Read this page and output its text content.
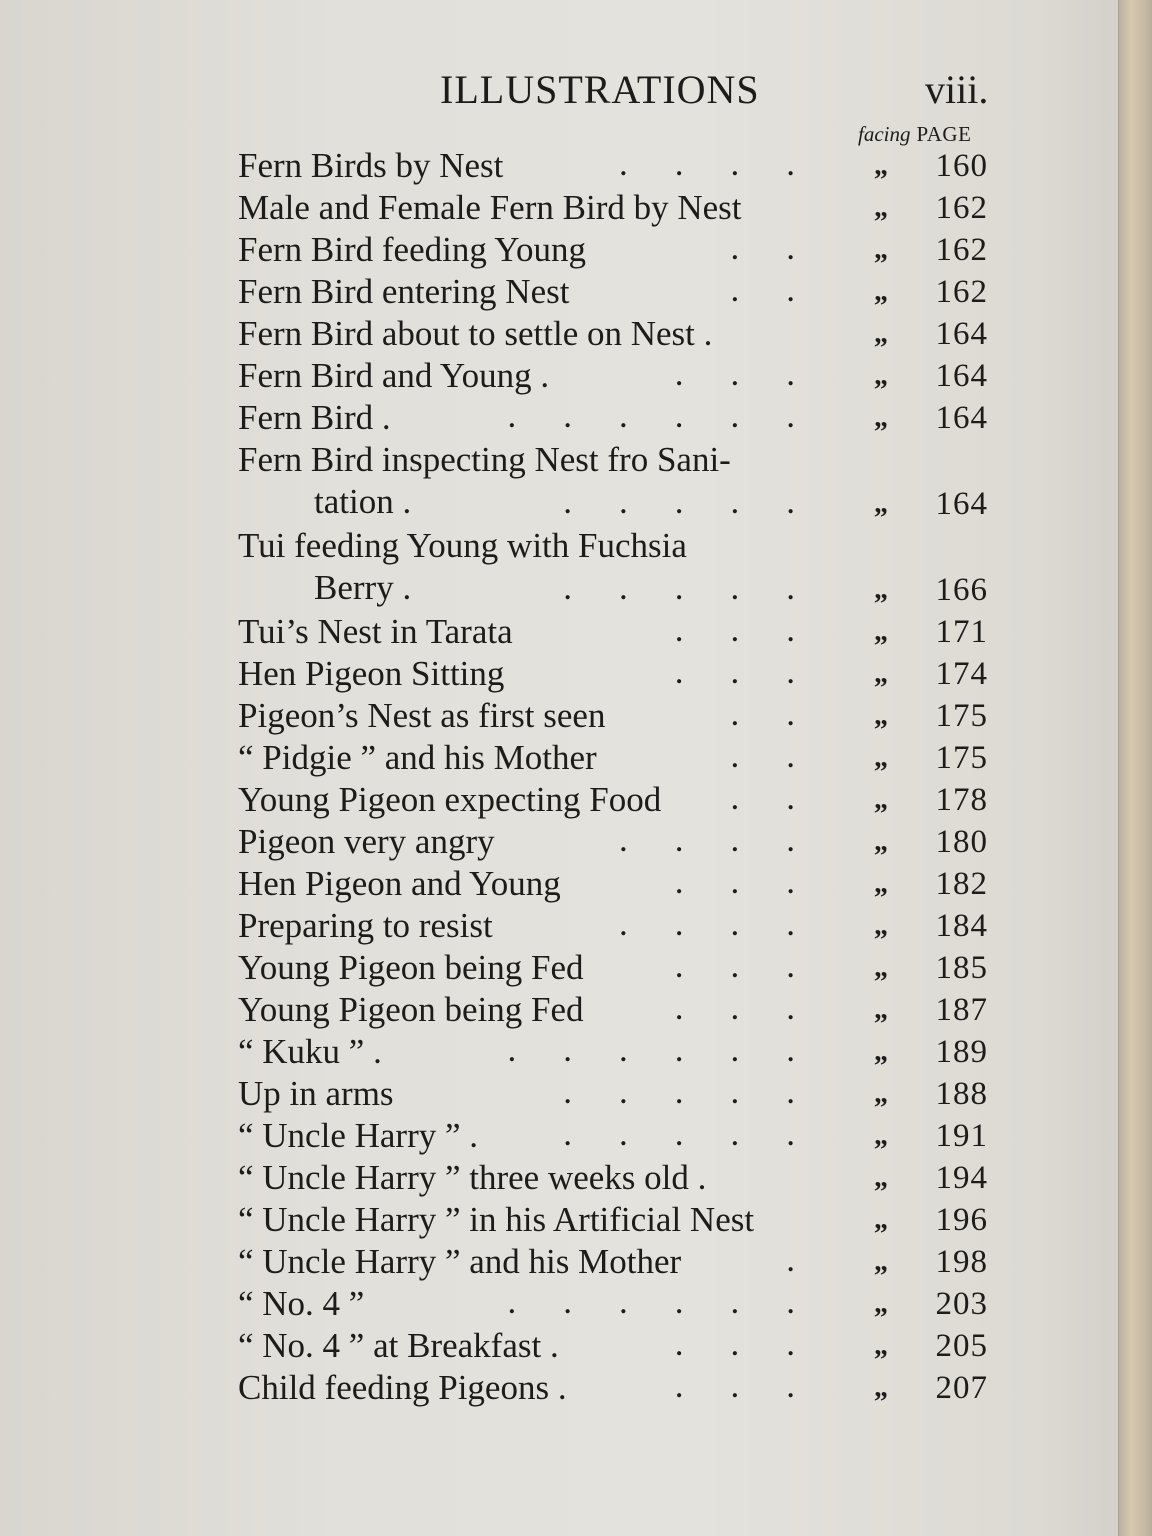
ILLUSTRATIONS	viii.
facing PAGE
Fern Birds by Nest	.... „ 160
Male and Female Fern Bird by Nest	„ 162
Fern Bird feeding Young	.. „ 162
Fern Bird entering Nest	.. „ 162
Fern Bird about to settle on Nest .	„ 164
Fern Bird and Young .	... „ 164
Fern Bird .	...... „ 164
Fern Bird inspecting Nest fro Sani-
tation .	..... „ 164
Tui feeding Young with Fuchsia
Berry .	..... „ 166
Tui’s Nest in Tarata	... „ 171
Hen Pigeon Sitting	... „ 174
Pigeon’s Nest as first seen	.. „ 175
“ Pidgie ” and his Mother	.. „ 175
Young Pigeon expecting Food	.. „ 178
Pigeon very angry	.... „ 180
Hen Pigeon and Young	... „ 182
Preparing to resist	.... „ 184
Young Pigeon being Fed	... „ 185
Young Pigeon being Fed	... „ 187
“ Kuku ” .	...... „ 189
Up in arms	..... „ 188
“ Uncle Harry ” .	..... „ 191
“ Uncle Harry ” three weeks old .	„ 194
“ Uncle Harry ” in his Artificial Nest	„ 196
“ Uncle Harry ” and his Mother	. „ 198
“ No. 4 ”	...... „ 203
“ No. 4 ” at Breakfast .	... „ 205
Child feeding Pigeons .	... „ 207
